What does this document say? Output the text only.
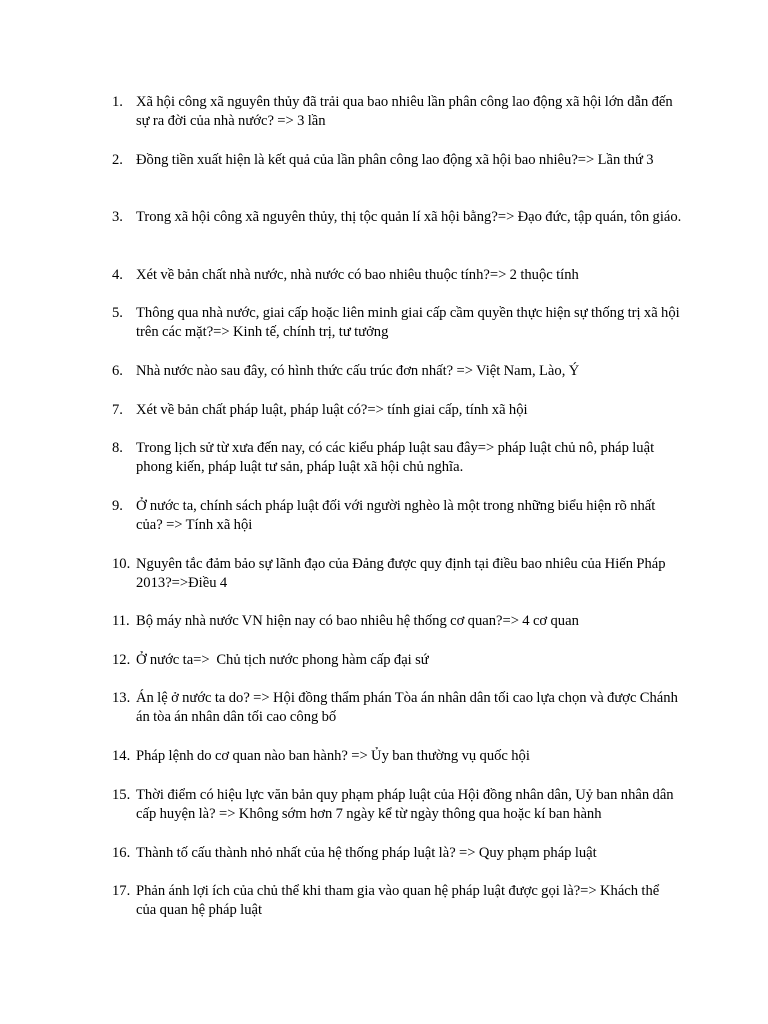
1. Xã hội công xã nguyên thủy đã trải qua bao nhiêu lần phân công lao động xã hội lớn dẫn đến sự ra đời của nhà nước? => 3 lần
2. Đồng tiền xuất hiện là kết quả của lần phân công lao động xã hội bao nhiêu?=> Lần thứ 3
3. Trong xã hội công xã nguyên thủy, thị tộc quản lí xã hội bằng?=> Đạo đức, tập quán, tôn giáo.
4. Xét về bản chất nhà nước, nhà nước có bao nhiêu thuộc tính?=> 2 thuộc tính
5. Thông qua nhà nước, giai cấp hoặc liên minh giai cấp cầm quyền thực hiện sự thống trị xã hội trên các mặt?=> Kinh tế, chính trị, tư tưởng
6. Nhà nước nào sau đây, có hình thức cấu trúc đơn nhất? => Việt Nam, Lào, Ý
7. Xét về bản chất pháp luật, pháp luật có?=> tính giai cấp, tính xã hội
8. Trong lịch sử từ xưa đến nay, có các kiểu pháp luật sau đây=> pháp luật chủ nô, pháp luật phong kiến, pháp luật tư sản, pháp luật xã hội chủ nghĩa.
9. Ở nước ta, chính sách pháp luật đối với người nghèo là một trong những biểu hiện rõ nhất của? => Tính xã hội
10. Nguyên tắc đảm bảo sự lãnh đạo của Đảng được quy định tại điều bao nhiêu của Hiến Pháp 2013?=>Điều 4
11. Bộ máy nhà nước VN hiện nay có bao nhiêu hệ thống cơ quan?=> 4 cơ quan
12. Ở nước ta=>  Chủ tịch nước phong hàm cấp đại sứ
13. Án lệ ở nước ta do? => Hội đồng thẩm phán Tòa án nhân dân tối cao lựa chọn và được Chánh án tòa án nhân dân tối cao công bố
14. Pháp lệnh do cơ quan nào ban hành? => Ủy ban thường vụ quốc hội
15. Thời điểm có hiệu lực văn bản quy phạm pháp luật của Hội đồng nhân dân, Uỷ ban nhân dân cấp huyện là? => Không sớm hơn 7 ngày kể từ ngày thông qua hoặc kí ban hành
16. Thành tố cấu thành nhỏ nhất của hệ thống pháp luật là? => Quy phạm pháp luật
17. Phản ánh lợi ích của chủ thể khi tham gia vào quan hệ pháp luật được gọi là?=> Khách thể của quan hệ pháp luật
